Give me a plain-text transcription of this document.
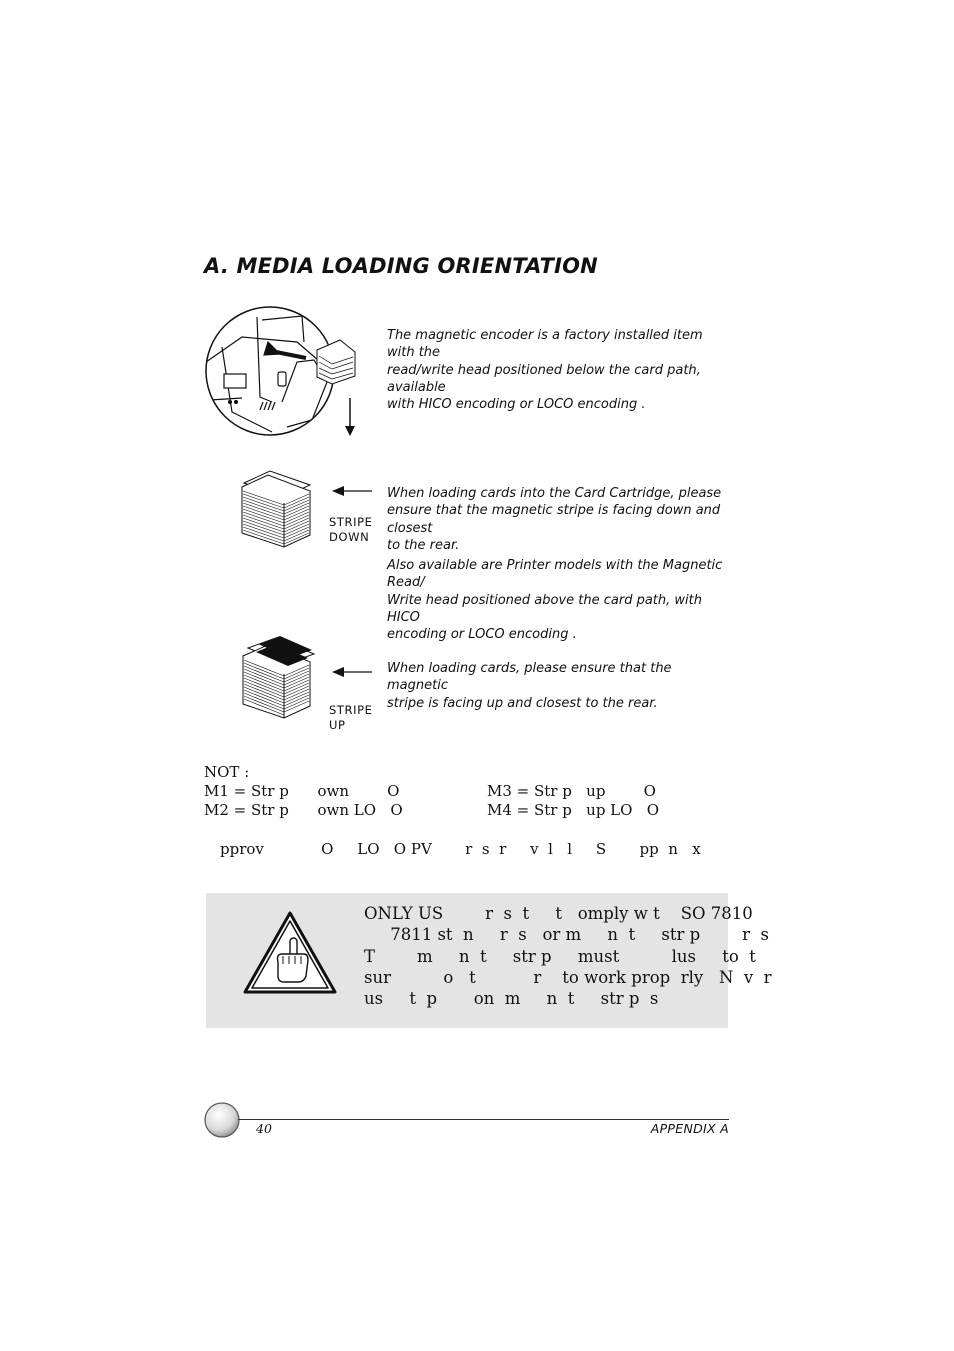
A. MEDIA LOADING ORIENTATION
The magnetic encoder is a factory installed item with the
read/write head positioned below the card path, available
with HICO encoding or LOCO encoding .
STRIPE
DOWN
When loading cards into the Card Cartridge, please
ensure that the magnetic stripe is facing down and closest
to the rear.
Also available are Printer models with the Magnetic Read/
Write head positioned above the card path, with HICO
encoding or LOCO encoding .
STRIPE
UP
When loading cards, please ensure that the magnetic
stripe is facing up and closest to the rear.
NOT :
M1 = Str p      own        O	M3 = Str p   up        O
M2 = Str p      own LO   O	M4 = Str p   up LO   O
pprov            O     LO   O PV       r  s  r     v  l   l     S       pp  n   x
ONLY US        r  s  t     t   omply w t    SO 7810
7811 st  n     r  s   or m     n  t     str p        r  s
T        m     n  t     str p     must          lus     to  t
sur          o   t           r    to work prop  rly   N  v  r
us     t  p       on  m     n  t     str p  s
40	APPENDIX A
